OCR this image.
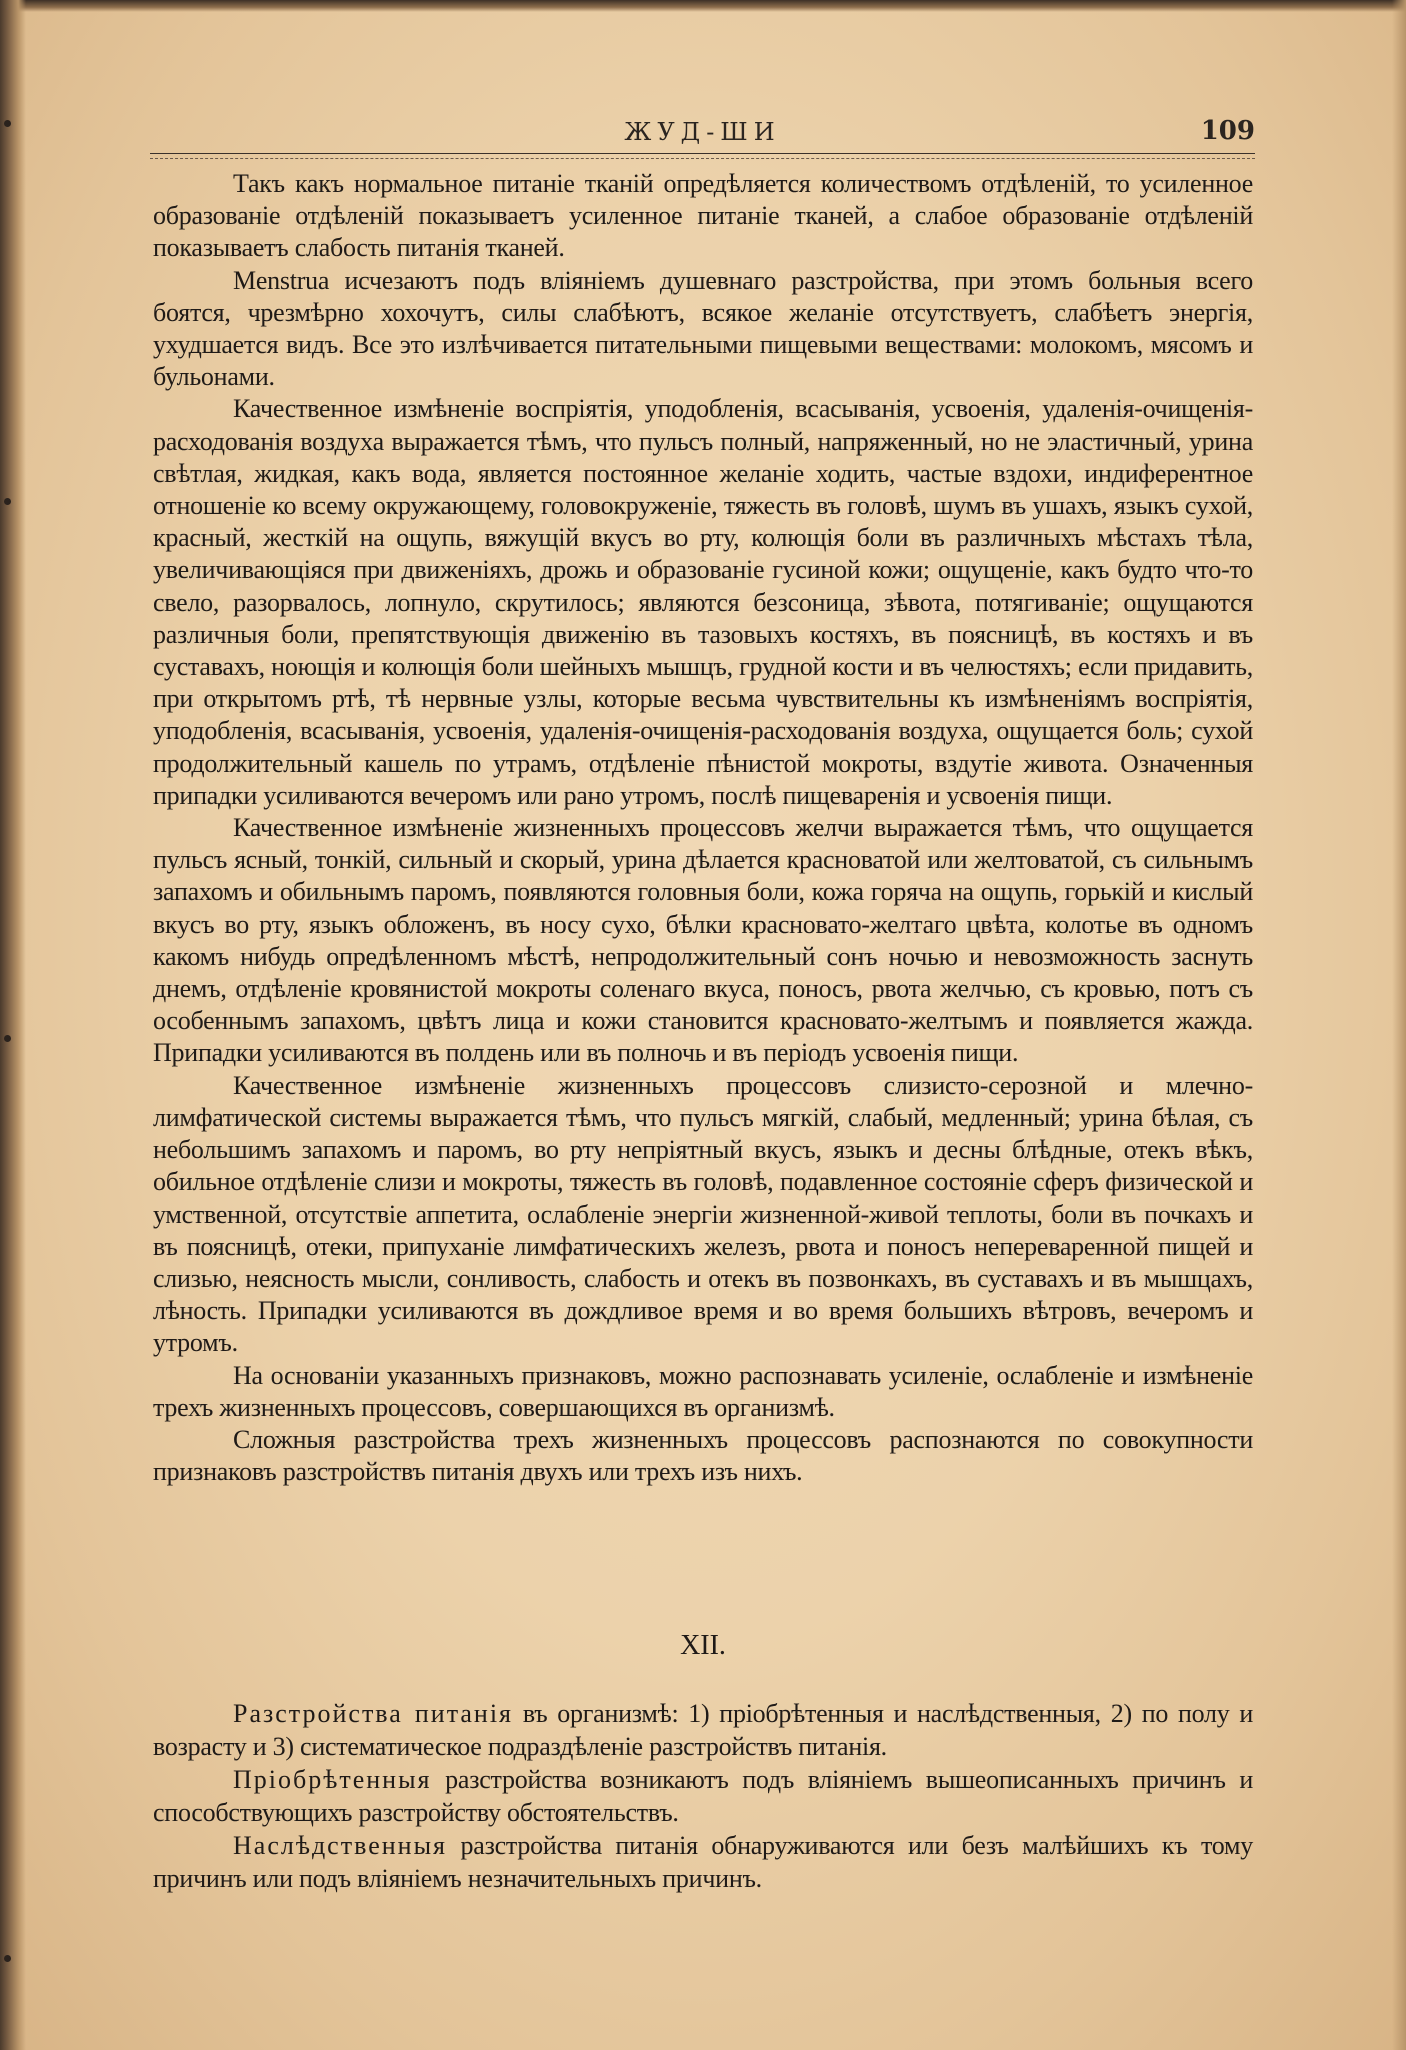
ЖУД-ШИ	109

Такъ какъ нормальное питаніе тканій опредѣляется количествомъ отдѣленій, то усиленное образованіе отдѣленій показываетъ усиленное питаніе тканей, а слабое образованіе отдѣленій показываетъ слабость питанія тканей.

Menstrua исчезаютъ подъ вліяніемъ душевнаго разстройства, при этомъ больныя всего боятся, чрезмѣрно хохочутъ, силы слабѣютъ, всякое желаніе отсутствуетъ, слабѣетъ энергія, ухудшается видъ. Все это излѣчивается питательными пищевыми веществами: молокомъ, мясомъ и бульонами.

Качественное измѣненіе воспріятія, уподобленія, всасыванія, усвоенія, удаленія-очищенія-расходованія воздуха выражается тѣмъ, что пульсъ полный, напряженный, но не эластичный, урина свѣтлая, жидкая, какъ вода, является постоянное желаніе ходить, частые вздохи, индиферентное отношеніе ко всему окружающему, головокруженіе, тяжесть въ головѣ, шумъ въ ушахъ, языкъ сухой, красный, жесткій на ощупь, вяжущій вкусъ во рту, колющія боли въ различныхъ мѣстахъ тѣла, увеличивающіяся при движеніяхъ, дрожь и образованіе гусиной кожи; ощущеніе, какъ будто что-то свело, разорвалось, лопнуло, скрутилось; являются безсоница, зѣвота, потягиваніе; ощущаются различныя боли, препятствующія движенію въ тазовыхъ костяхъ, въ поясницѣ, въ костяхъ и въ суставахъ, ноющія и колющія боли шейныхъ мышцъ, грудной кости и въ челюстяхъ; если придавить, при открытомъ ртѣ, тѣ нервные узлы, которые весьма чувствительны къ измѣненіямъ воспріятія, уподобленія, всасыванія, усвоенія, удаленія-очищенія-расходованія воздуха, ощущается боль; сухой продолжительный кашель по утрамъ, отдѣленіе пѣнистой мокроты, вздутіе живота. Означенныя припадки усиливаются вечеромъ или рано утромъ, послѣ пищеваренія и усвоенія пищи.

Качественное измѣненіе жизненныхъ процессовъ желчи выражается тѣмъ, что ощущается пульсъ ясный, тонкій, сильный и скорый, урина дѣлается красноватой или желтоватой, съ сильнымъ запахомъ и обильнымъ паромъ, появляются головныя боли, кожа горяча на ощупь, горькій и кислый вкусъ во рту, языкъ обложенъ, въ носу сухо, бѣлки красновато-желтаго цвѣта, колотье въ одномъ какомъ нибудь опредѣленномъ мѣстѣ, непродолжительный сонъ ночью и невозможность заснуть днемъ, отдѣленіе кровянистой мокроты соленаго вкуса, поносъ, рвота желчью, съ кровью, потъ съ особеннымъ запахомъ, цвѣтъ лица и кожи становится красновато-желтымъ и появляется жажда. Припадки усиливаются въ полдень или въ полночь и въ періодъ усвоенія пищи.

Качественное измѣненіе жизненныхъ процессовъ слизисто-серозной и млечно-лимфатической системы выражается тѣмъ, что пульсъ мягкій, слабый, медленный; урина бѣлая, съ небольшимъ запахомъ и паромъ, во рту непріятный вкусъ, языкъ и десны блѣдные, отекъ вѣкъ, обильное отдѣленіе слизи и мокроты, тяжесть въ головѣ, подавленное состояніе сферъ физической и умственной, отсутствіе аппетита, ослабленіе энергіи жизненной-живой теплоты, боли въ почкахъ и въ поясницѣ, отеки, припуханіе лимфатическихъ железъ, рвота и поносъ непереваренной пищей и слизью, неясность мысли, сонливость, слабость и отекъ въ позвонкахъ, въ суставахъ и въ мышцахъ, лѣность. Припадки усиливаются въ дождливое время и во время большихъ вѣтровъ, вечеромъ и утромъ.

На основаніи указанныхъ признаковъ, можно распознавать усиленіе, ослабленіе и измѣненіе трехъ жизненныхъ процессовъ, совершающихся въ организмѣ.

Сложныя разстройства трехъ жизненныхъ процессовъ распознаются по совокупности признаковъ разстройствъ питанія двухъ или трехъ изъ нихъ.

XII.

Разстройства питанія въ организмѣ: 1) пріобрѣтенныя и наслѣдственныя, 2) по полу и возрасту и 3) систематическое подраздѣленіе разстройствъ питанія.

Пріобрѣтенныя разстройства возникаютъ подъ вліяніемъ вышеописанныхъ причинъ и способствующихъ разстройству обстоятельствъ.

Наслѣдственныя разстройства питанія обнаруживаются или безъ малѣйшихъ къ тому причинъ или подъ вліяніемъ незначительныхъ причинъ.
